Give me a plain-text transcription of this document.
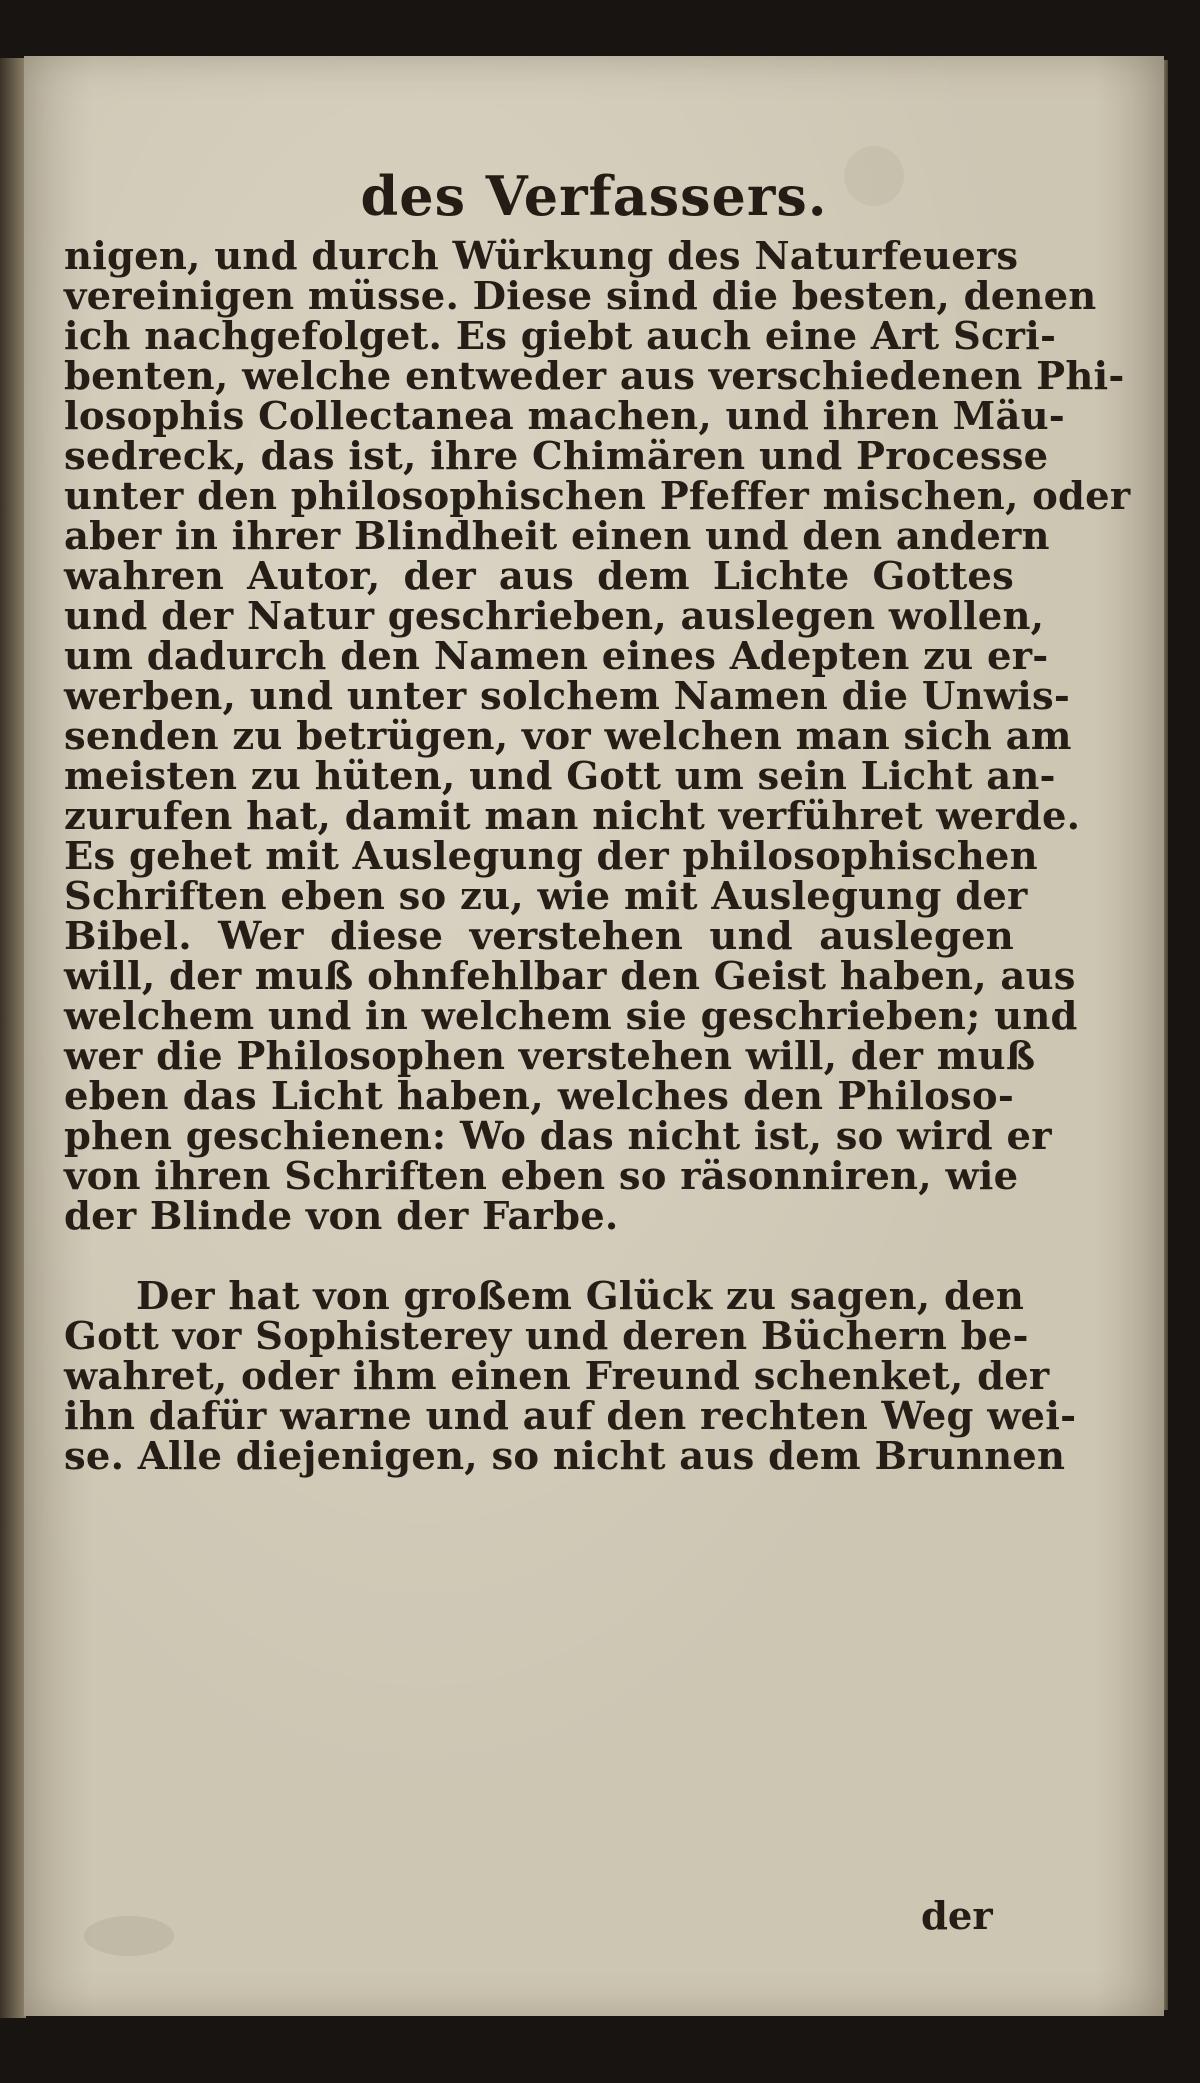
des Verfassers.
nigen, und durch Würkung des Naturfeuers
vereinigen müsse. Diese sind die besten, denen
ich nachgefolget. Es giebt auch eine Art Scri-
benten, welche entweder aus verschiedenen Phi-
losophis Collectanea machen, und ihren Mäu-
sedreck, das ist, ihre Chimären und Processe
unter den philosophischen Pfeffer mischen, oder
aber in ihrer Blindheit einen und den andern
wahren Autor, der aus dem Lichte Gottes
und der Natur geschrieben, auslegen wollen,
um dadurch den Namen eines Adepten zu er-
werben, und unter solchem Namen die Unwis-
senden zu betrügen, vor welchen man sich am
meisten zu hüten, und Gott um sein Licht an-
zurufen hat, damit man nicht verführet werde.
Es gehet mit Auslegung der philosophischen
Schriften eben so zu, wie mit Auslegung der
Bibel. Wer diese verstehen und auslegen
will, der muß ohnfehlbar den Geist haben, aus
welchem und in welchem sie geschrieben; und
wer die Philosophen verstehen will, der muß
eben das Licht haben, welches den Philoso-
phen geschienen: Wo das nicht ist, so wird er
von ihren Schriften eben so räsonniren, wie
der Blinde von der Farbe.
Der hat von großem Glück zu sagen, den
Gott vor Sophisterey und deren Büchern be-
wahret, oder ihm einen Freund schenket, der
ihn dafür warne und auf den rechten Weg wei-
se. Alle diejenigen, so nicht aus dem Brunnen
der
